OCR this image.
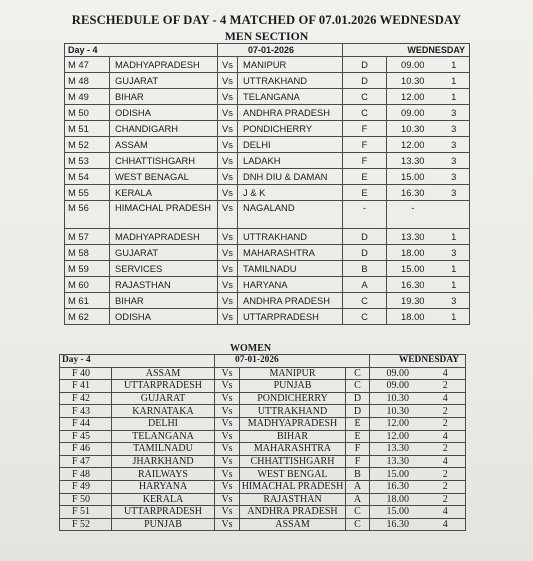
RESCHEDULE OF DAY - 4 MATCHED OF 07.01.2026 WEDNESDAY
MEN SECTION
Day - 4		07-01-2026		WEDNESDAY		
M 47	MADHYAPRADESH	Vs	MANIPUR	D	09.00	1
M 48	GUJARAT	Vs	UTTRAKHAND	D	10.30	1
M 49	BIHAR	Vs	TELANGANA	C	12.00	1
M 50	ODISHA	Vs	ANDHRA PRADESH	C	09.00	3
M 51	CHANDIGARH	Vs	PONDICHERRY	F	10.30	3
M 52	ASSAM	Vs	DELHI	F	12.00	3
M 53	CHHATTISHGARH	Vs	LADAKH	F	13.30	3
M 54	WEST BENAGAL	Vs	DNH DIU & DAMAN	E	15.00	3
M 55	KERALA	Vs	J & K	E	16.30	3
M 56	HIMACHAL PRADESH	Vs	NAGALAND	-	-	
M 57	MADHYAPRADESH	Vs	UTTRAKHAND	D	13.30	1
M 58	GUJARAT	Vs	MAHARASHTRA	D	18.00	3
M 59	SERVICES	Vs	TAMILNADU	B	15.00	1
M 60	RAJASTHAN	Vs	HARYANA	A	16.30	1
M 61	BIHAR	Vs	ANDHRA PRADESH	C	19.30	3
M 62	ODISHA	Vs	UTTARPRADESH	C	18.00	1
WOMEN
Day - 4		07-01-2026			WEDNESDAY	
F 40	ASSAM	Vs	MANIPUR	C	09.00	4
F 41	UTTARPRADESH	Vs	PUNJAB	C	09.00	2
F 42	GUJARAT	Vs	PONDICHERRY	D	10.30	4
F 43	KARNATAKA	Vs	UTTRAKHAND	D	10.30	2
F 44	DELHI	Vs	MADHYAPRADESH	E	12.00	2
F 45	TELANGANA	Vs	BIHAR	E	12.00	4
F 46	TAMILNADU	Vs	MAHARASHTRA	F	13.30	2
F 47	JHARKHAND	Vs	CHHATTISHGARH	F	13.30	4
F 48	RAILWAYS	Vs	WEST BENGAL	B	15.00	2
F 49	HARYANA	Vs	HIMACHAL PRADESH	A	16.30	2
F 50	KERALA	Vs	RAJASTHAN	A	18.00	2
F 51	UTTARPRADESH	Vs	ANDHRA PRADESH	C	15.00	4
F 52	PUNJAB	Vs	ASSAM	C	16.30	4
